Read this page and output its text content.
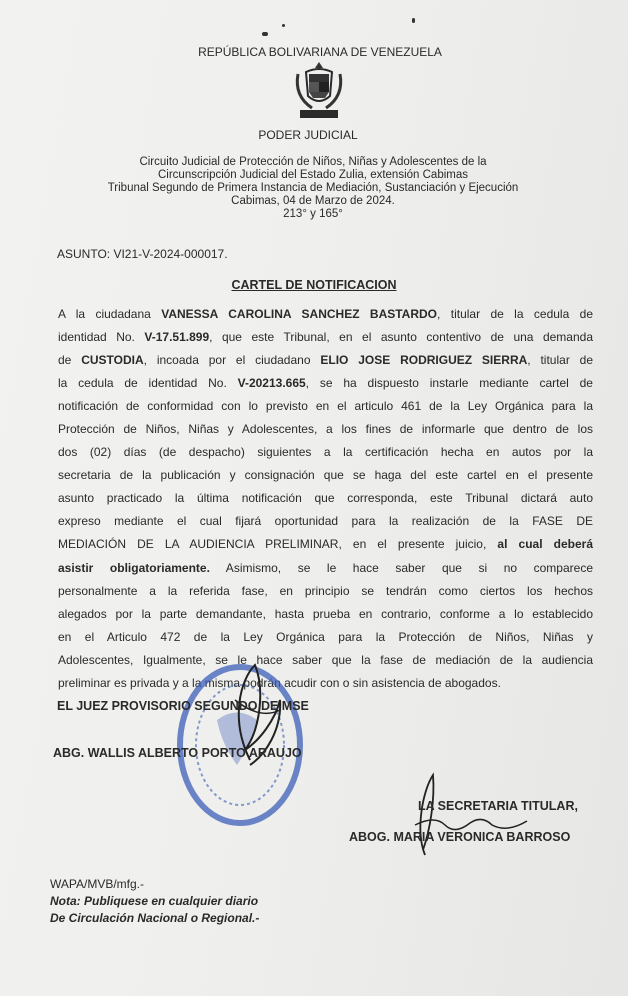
REPÚBLICA BOLIVARIANA DE VENEZUELA
PODER JUDICIAL
Circuito Judicial de Protección de Niños, Niñas y Adolescentes de la
Circunscripción Judicial del Estado Zulia, extensión Cabimas
Tribunal Segundo de Primera Instancia de Mediación, Sustanciación y Ejecución
Cabimas, 04 de Marzo de 2024.
213° y 165°
ASUNTO: VI21-V-2024-000017.
CARTEL DE NOTIFICACION
A la ciudadana VANESSA CAROLINA SANCHEZ BASTARDO, titular de la cedula de
identidad No. V-17.51.899, que este Tribunal, en el asunto contentivo de una demanda
de CUSTODIA, incoada por el ciudadano ELIO JOSE RODRIGUEZ SIERRA, titular de
la cedula de identidad No. V-20213.665, se ha dispuesto instarle mediante cartel de
notificación de conformidad con lo previsto en el articulo 461 de la Ley Orgánica para la
Protección de Niños, Niñas y Adolescentes, a los fines de informarle que dentro de los
dos (02) días (de despacho) siguientes a la certificación hecha en autos por la
secretaria de la publicación y consignación que se haga del este cartel en el presente
asunto practicado la última notificación que corresponda, este Tribunal dictará auto
expreso mediante el cual fijará oportunidad para la realización de la FASE DE
MEDIACIÓN DE LA AUDIENCIA PRELIMINAR, en el presente juicio, al cual deberá
asistir obligatoriamente. Asimismo, se le hace saber que si no comparece
personalmente a la referida fase, en principio se tendrán como ciertos los hechos
alegados por la parte demandante, hasta prueba en contrario, conforme a lo establecido
en el Articulo 472 de la Ley Orgánica para la Protección de Niños, Niñas y
Adolescentes, Igualmente, se le hace saber que la fase de mediación de la audiencia
preliminar es privada y a la misma podrán acudir con o sin asistencia de abogados.
EL JUEZ PROVISORIO SEGUNDO DE MSE
ABG. WALLIS ALBERTO PORTO ARAUJO
LA SECRETARIA TITULAR,
ABOG. MARIA VERONICA BARROSO
WAPA/MVB/mfg.-
Nota: Publiquese en cualquier diario
De Circulación Nacional o Regional.-
